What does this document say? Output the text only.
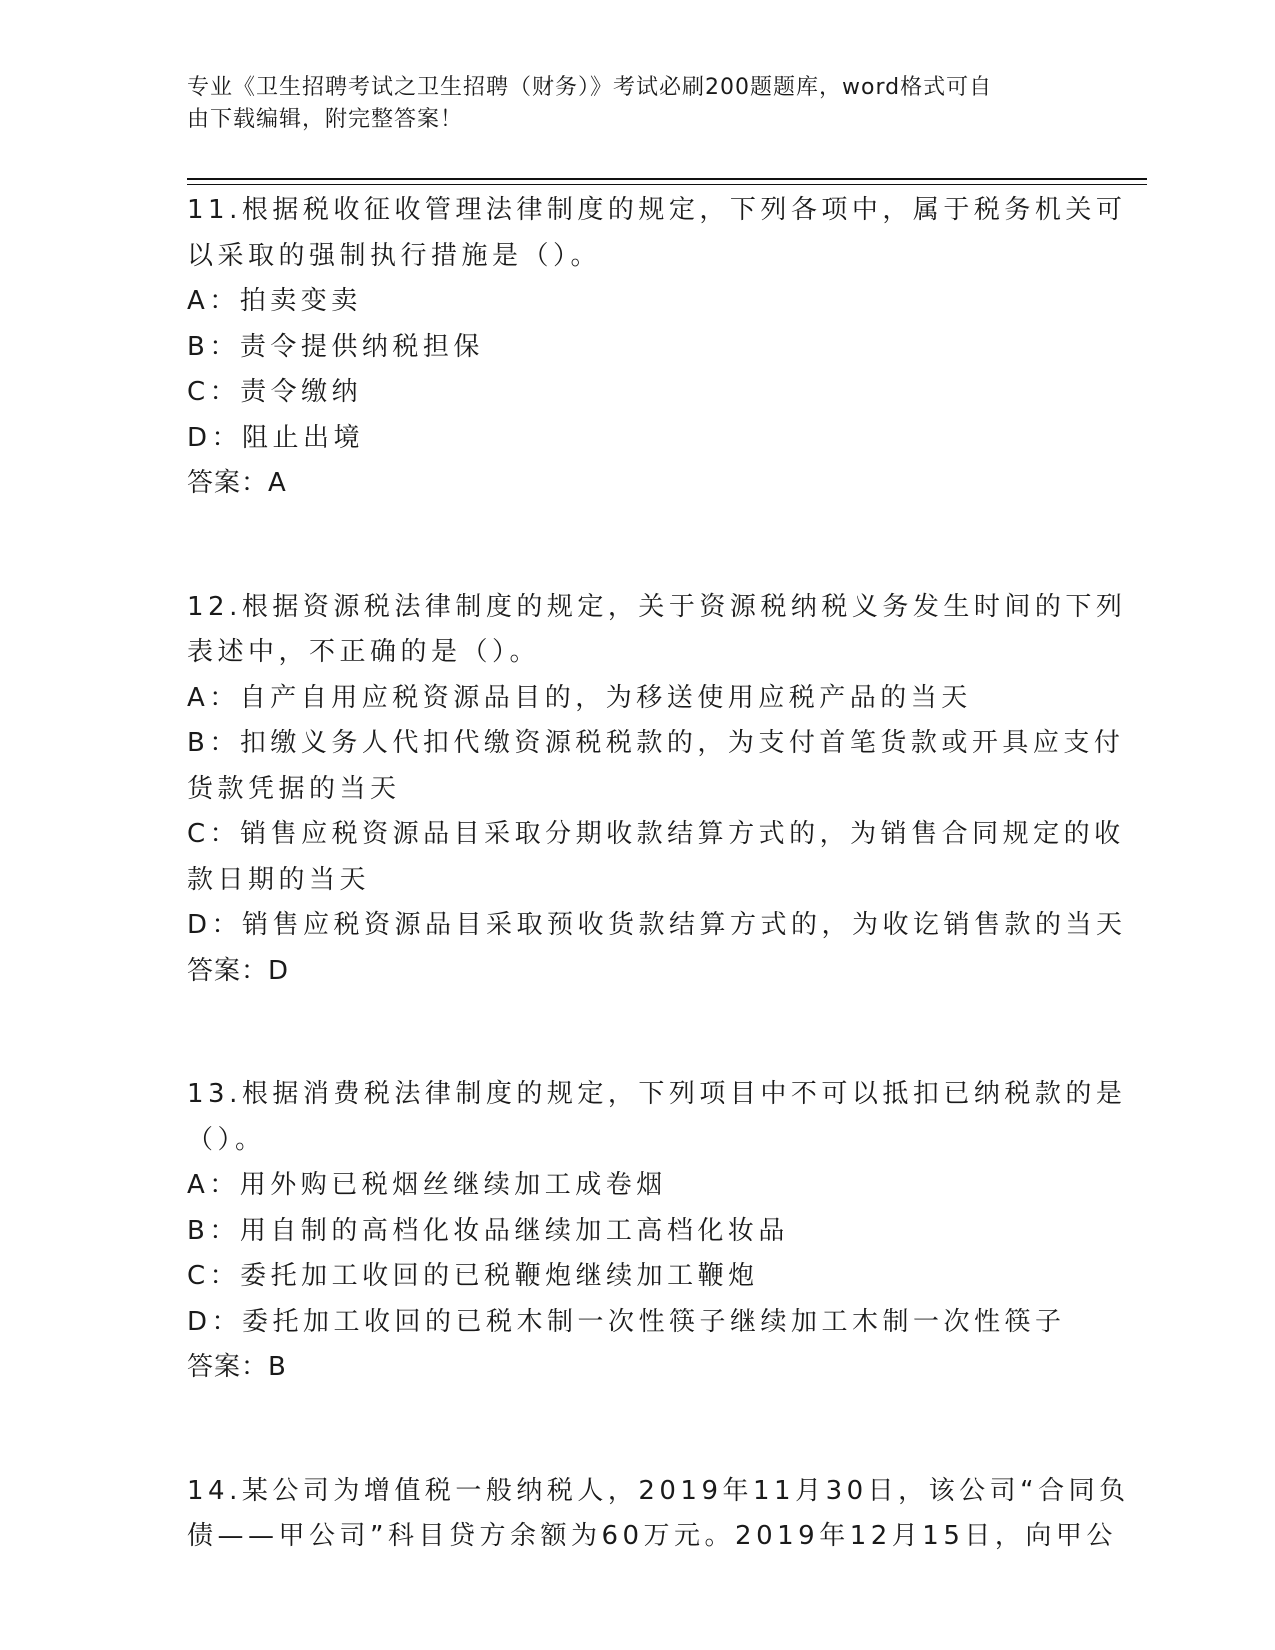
专业《卫生招聘考试之卫生招聘（财务）》考试必刷200题题库，word格式可自
由下载编辑，附完整答案！
11.根据税收征收管理法律制度的规定，下列各项中，属于税务机关可
以采取的强制执行措施是（）。
A：拍卖变卖
B：责令提供纳税担保
C：责令缴纳
D：阻止出境
答案：A
12.根据资源税法律制度的规定，关于资源税纳税义务发生时间的下列
表述中，不正确的是（）。
A：自产自用应税资源品目的，为移送使用应税产品的当天
B：扣缴义务人代扣代缴资源税税款的，为支付首笔货款或开具应支付
货款凭据的当天
C：销售应税资源品目采取分期收款结算方式的，为销售合同规定的收
款日期的当天
D：销售应税资源品目采取预收货款结算方式的，为收讫销售款的当天
答案：D
13.根据消费税法律制度的规定，下列项目中不可以抵扣已纳税款的是
（）。
A：用外购已税烟丝继续加工成卷烟
B：用自制的高档化妆品继续加工高档化妆品
C：委托加工收回的已税鞭炮继续加工鞭炮
D：委托加工收回的已税木制一次性筷子继续加工木制一次性筷子
答案：B
14.某公司为增值税一般纳税人，2019年11月30日，该公司“合同负
债——甲公司”科目贷方余额为60万元。2019年12月15日，向甲公
